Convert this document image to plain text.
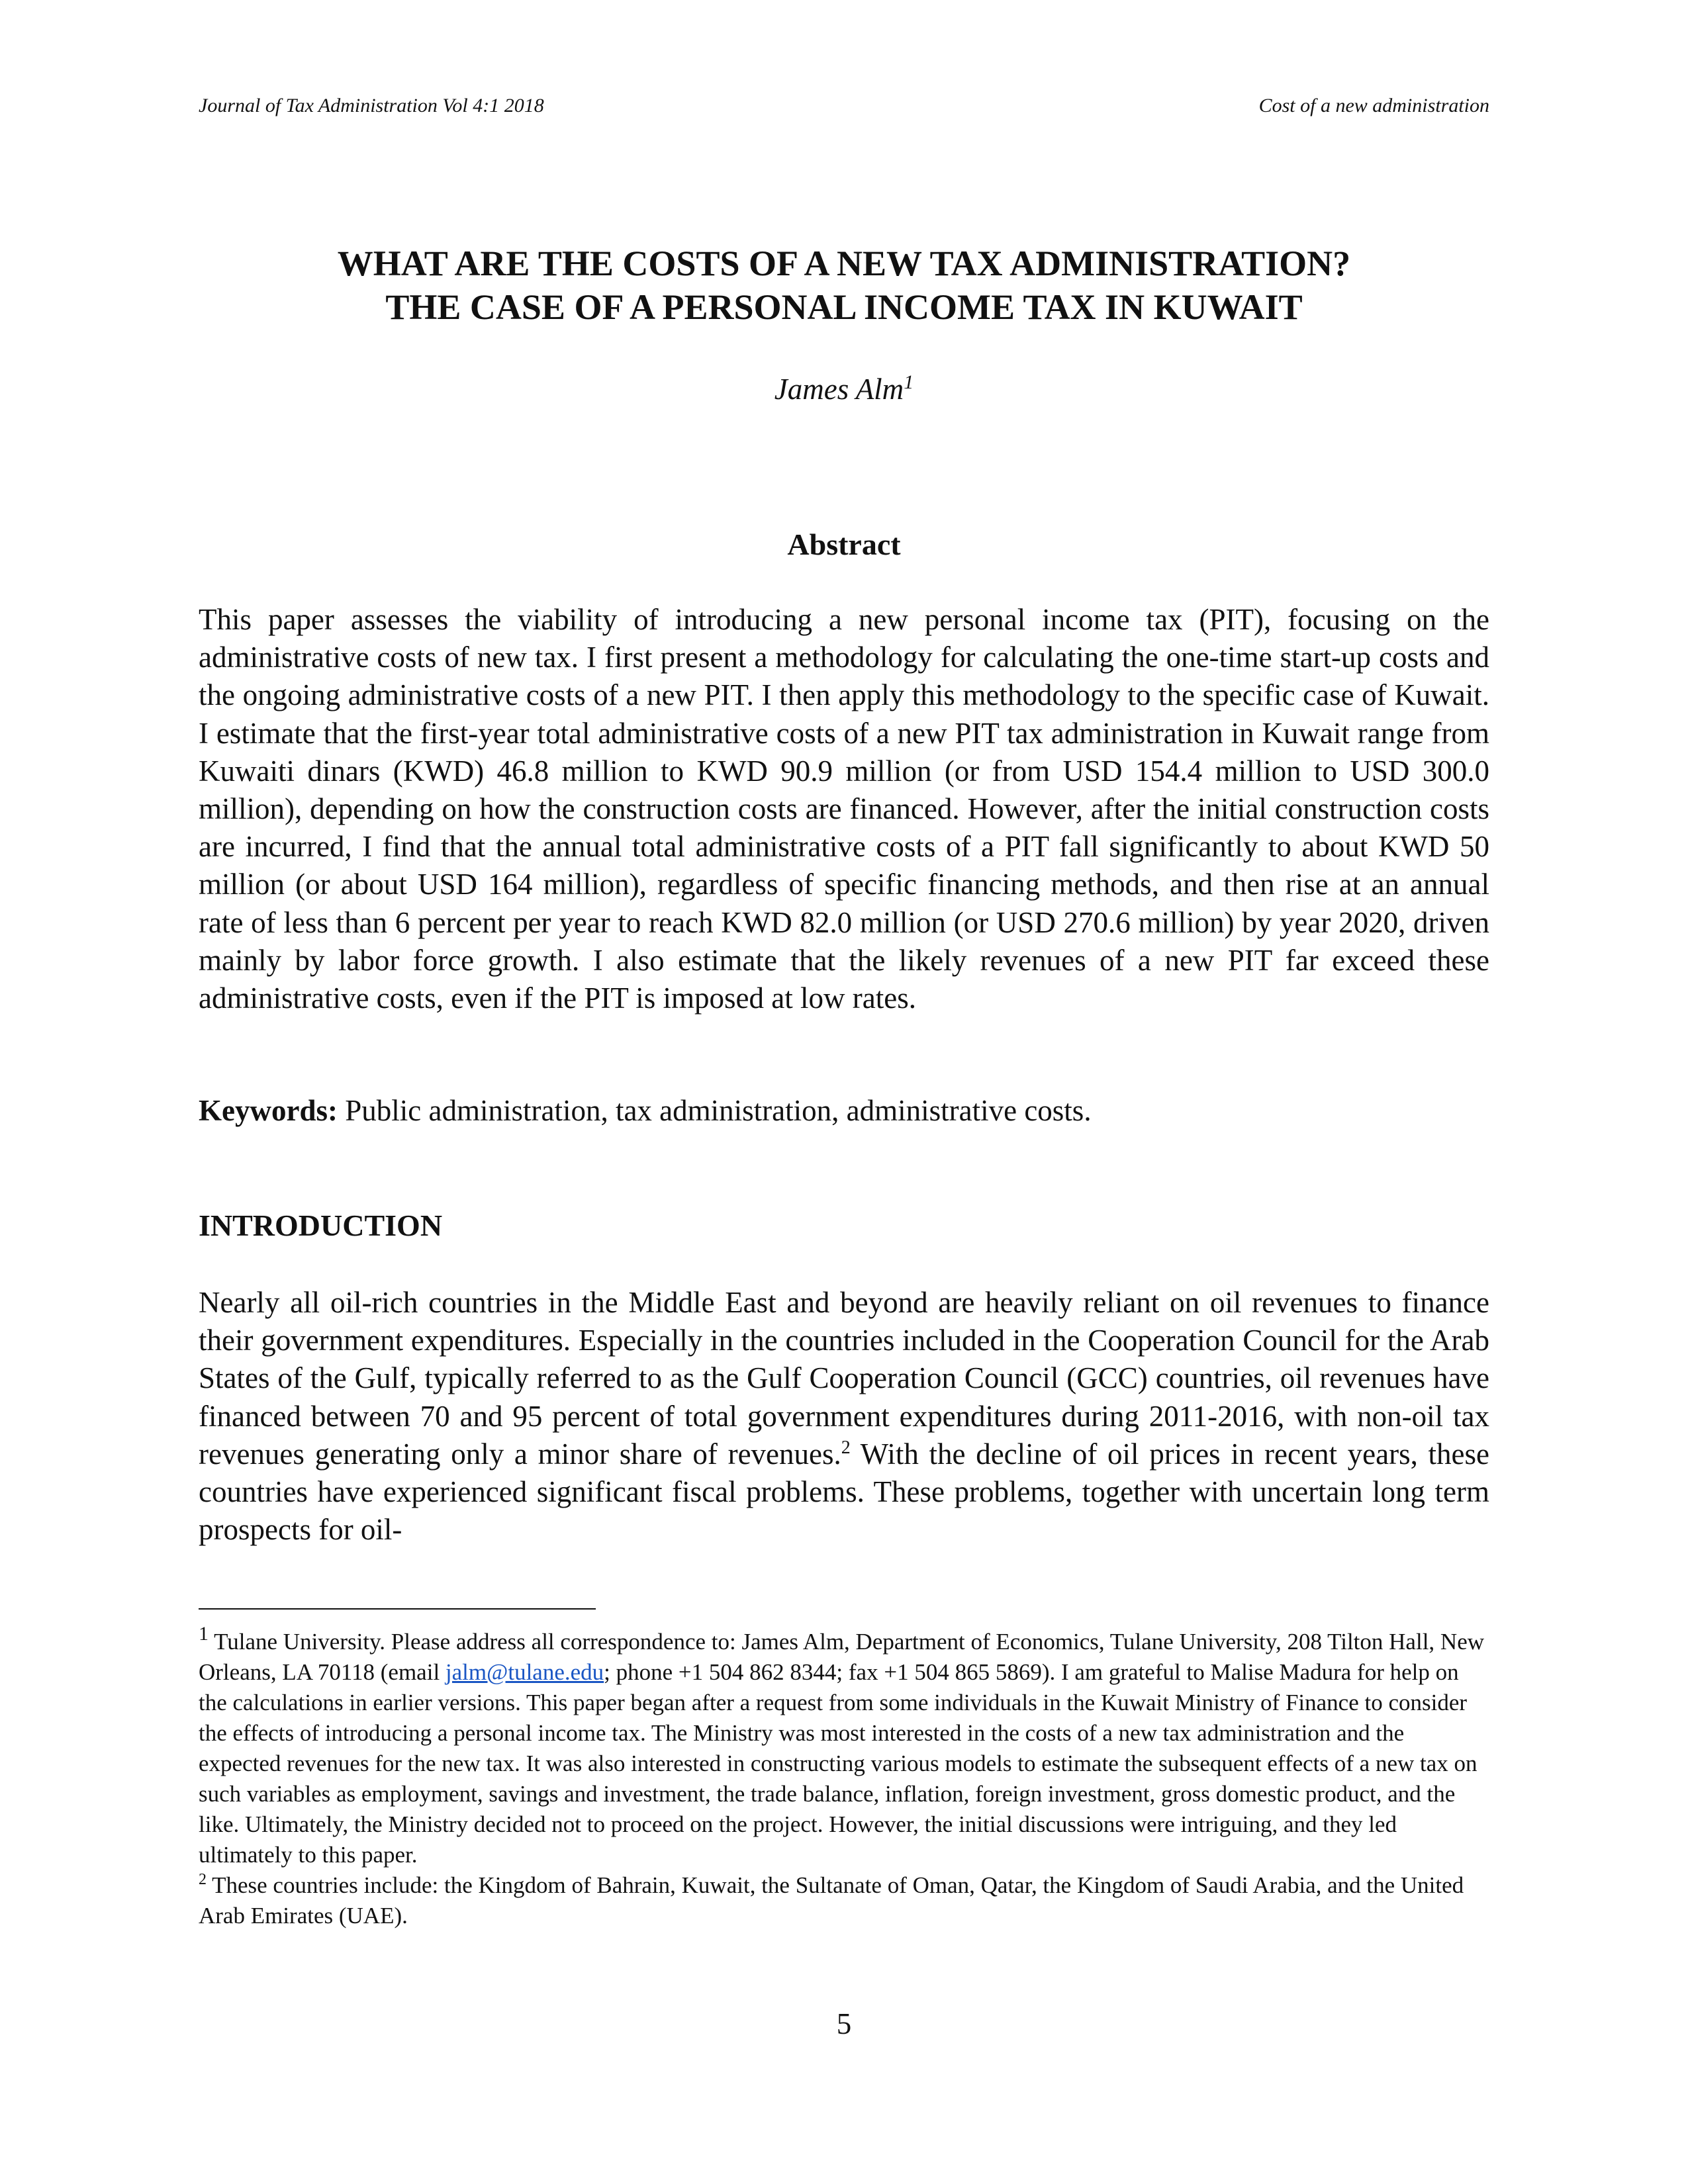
Journal of Tax Administration Vol 4:1 2018	Cost of a new administration
WHAT ARE THE COSTS OF A NEW TAX ADMINISTRATION?
THE CASE OF A PERSONAL INCOME TAX IN KUWAIT
James Alm$^1$
Abstract

This paper assesses the viability of introducing a new personal income tax (PIT), focusing on the administrative costs of new tax. I first present a methodology for calculating the one-time start-up costs and the ongoing administrative costs of a new PIT. I then apply this methodology to the specific case of Kuwait. I estimate that the first-year total administrative costs of a new PIT tax administration in Kuwait range from Kuwaiti dinars (KWD) 46.8 million to KWD 90.9 million (or from USD 154.4 million to USD 300.0 million), depending on how the construction costs are financed. However, after the initial construction costs are incurred, I find that the annual total administrative costs of a PIT fall significantly to about KWD 50 million (or about USD 164 million), regardless of specific financing methods, and then rise at an annual rate of less than 6 percent per year to reach KWD 82.0 million (or USD 270.6 million) by year 2020, driven mainly by labor force growth. I also estimate that the likely revenues of a new PIT far exceed these administrative costs, even if the PIT is imposed at low rates.

Keywords: Public administration, tax administration, administrative costs.

INTRODUCTION

Nearly all oil-rich countries in the Middle East and beyond are heavily reliant on oil revenues to finance their government expenditures. Especially in the countries included in the Cooperation Council for the Arab States of the Gulf, typically referred to as the Gulf Cooperation Council (GCC) countries, oil revenues have financed between 70 and 95 percent of total government expenditures during 2011-2016, with non-oil tax revenues generating only a minor share of revenues.$^2$ With the decline of oil prices in recent years, these countries have experienced significant fiscal problems. These problems, together with uncertain long term prospects for oil-

$^1$ Tulane University. Please address all correspondence to: James Alm, Department of Economics, Tulane University, 208 Tilton Hall, New Orleans, LA 70118 (email jalm@tulane.edu; phone +1 504 862 8344; fax +1 504 865 5869). I am grateful to Malise Madura for help on the calculations in earlier versions. This paper began after a request from some individuals in the Kuwait Ministry of Finance to consider the effects of introducing a personal income tax. The Ministry was most interested in the costs of a new tax administration and the expected revenues for the new tax. It was also interested in constructing various models to estimate the subsequent effects of a new tax on such variables as employment, savings and investment, the trade balance, inflation, foreign investment, gross domestic product, and the like. Ultimately, the Ministry decided not to proceed on the project. However, the initial discussions were intriguing, and they led ultimately to this paper.

$^2$ These countries include: the Kingdom of Bahrain, Kuwait, the Sultanate of Oman, Qatar, the Kingdom of Saudi Arabia, and the United Arab Emirates (UAE).

5
